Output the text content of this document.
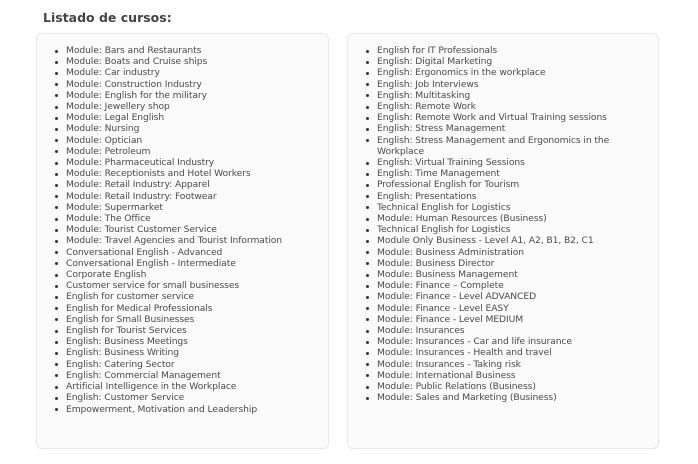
Listado de cursos:
Module: Bars and Restaurants
Module: Boats and Cruise ships
Module: Car industry
Module: Construction Industry
Module: English for the military
Module: Jewellery shop
Module: Legal English
Module: Nursing
Module: Optician
Module: Petroleum
Module: Pharmaceutical Industry
Module: Receptionists and Hotel Workers
Module: Retail Industry: Apparel
Module: Retail Industry: Footwear
Module: Supermarket
Module: The Office
Module: Tourist Customer Service
Module: Travel Agencies and Tourist Information
Conversational English - Advanced
Conversational English - Intermediate
Corporate English
Customer service for small businesses
English for customer service
English for Medical Professionals
English for Small Businesses
English for Tourist Services
English: Business Meetings
English: Business Writing
English: Catering Sector
English: Commercial Management
Artificial Intelligence in the Workplace
English: Customer Service
Empowerment, Motivation and Leadership
English for IT Professionals
English: Digital Marketing
English: Ergonomics in the workplace
English: Job Interviews
English: Multitasking
English: Remote Work
English: Remote Work and Virtual Training sessions
English: Stress Management
English: Stress Management and Ergonomics in the Workplace
English: Virtual Training Sessions
English: Time Management
Professional English for Tourism
English: Presentations
Technical English for Logistics
Module: Human Resources (Business)
Technical English for Logistics
Module Only Business - Level A1, A2, B1, B2, C1
Module: Business Administration
Module: Business Director
Module: Business Management
Module: Finance – Complete
Module: Finance - Level ADVANCED
Module: Finance - Level EASY
Module: Finance - Level MEDIUM
Module: Insurances
Module: Insurances - Car and life insurance
Module: Insurances - Health and travel
Module: Insurances - Taking risk
Module: International Business
Module: Public Relations (Business)
Module: Sales and Marketing (Business)
